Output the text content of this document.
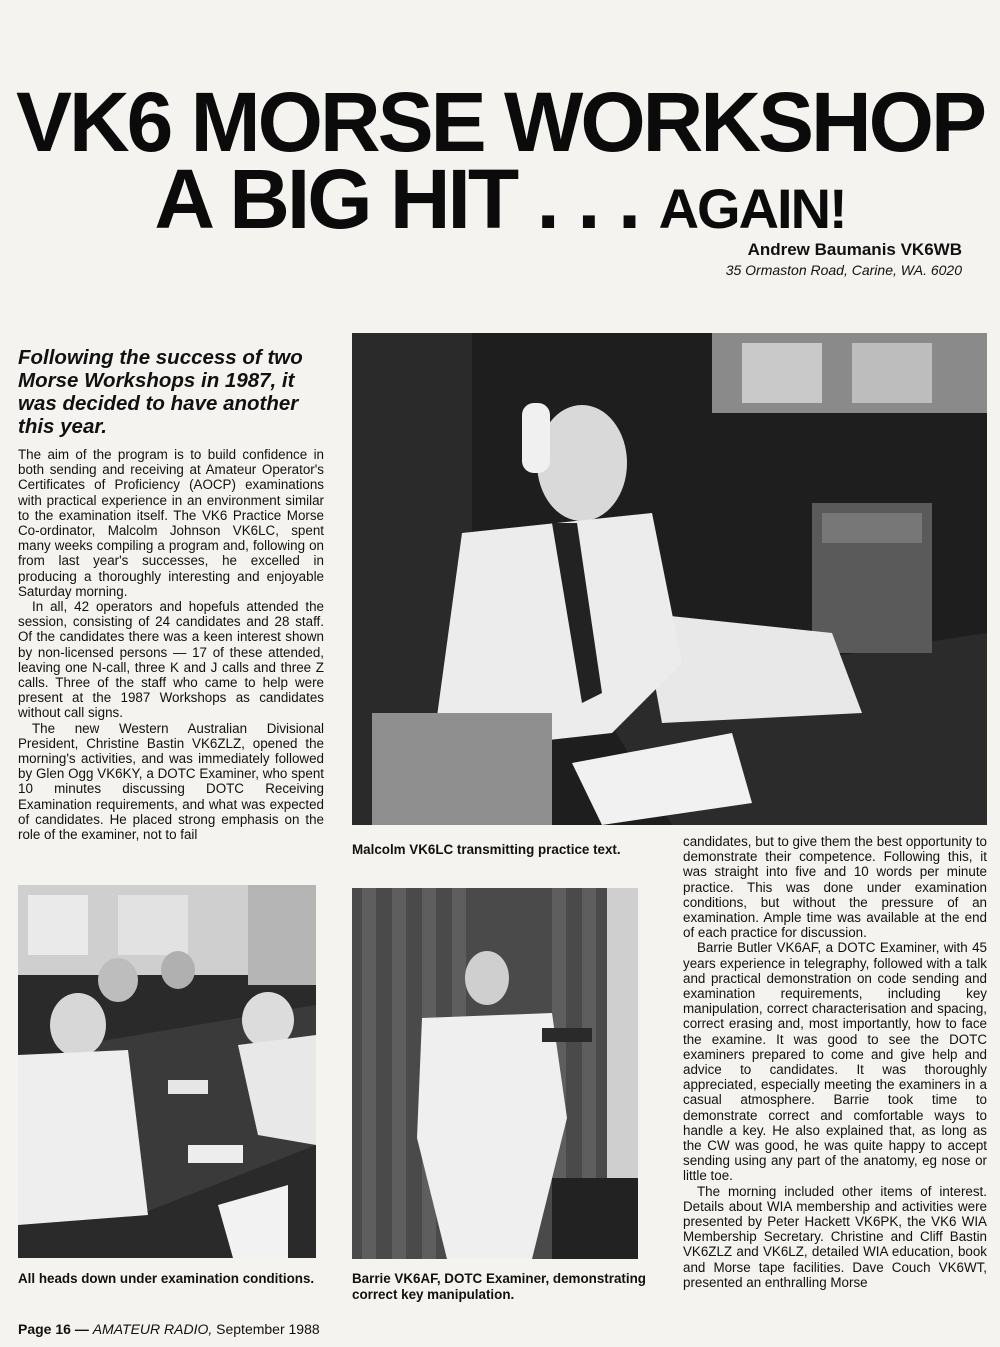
VK6 MORSE WORKSHOP
A BIG HIT . . . AGAIN!
Andrew Baumanis VK6WB
35 Ormaston Road, Carine, WA. 6020
Following the success of two Morse Workshops in 1987, it was decided to have another this year.

The aim of the program is to build confidence in both sending and receiving at Amateur Operator's Certificates of Proficiency (AOCP) examinations with practical experience in an environment similar to the examination itself. The VK6 Practice Morse Co-ordinator, Malcolm Johnson VK6LC, spent many weeks compiling a program and, following on from last year's successes, he excelled in producing a thoroughly interesting and enjoyable Saturday morning.

In all, 42 operators and hopefuls attended the session, consisting of 24 candidates and 28 staff. Of the candidates there was a keen interest shown by non-licensed persons — 17 of these attended, leaving one N-call, three K and J calls and three Z calls. Three of the staff who came to help were present at the 1987 Workshops as candidates without call signs.

The new Western Australian Divisional President, Christine Bastin VK6ZLZ, opened the morning's activities, and was immediately followed by Glen Ogg VK6KY, a DOTC Examiner, who spent 10 minutes discussing DOTC Receiving Examination requirements, and what was expected of candidates. He placed strong emphasis on the role of the examiner, not to fail

Malcolm VK6LC transmitting practice text.
All heads down under examination conditions.	Barrie VK6AF, DOTC Examiner, demonstrating correct key manipulation.

candidates, but to give them the best opportunity to demonstrate their competence. Following this, it was straight into five and 10 words per minute practice. This was done under examination conditions, but without the pressure of an examination. Ample time was available at the end of each practice for discussion.

Barrie Butler VK6AF, a DOTC Examiner, with 45 years experience in telegraphy, followed with a talk and practical demonstration on code sending and examination requirements, including key manipulation, correct characterisation and spacing, correct erasing and, most importantly, how to face the examine. It was good to see the DOTC examiners prepared to come and give help and advice to candidates. It was thoroughly appreciated, especially meeting the examiners in a casual atmosphere. Barrie took time to demonstrate correct and comfortable ways to handle a key. He also explained that, as long as the CW was good, he was quite happy to accept sending using any part of the anatomy, eg nose or little toe.

The morning included other items of interest. Details about WIA membership and activities were presented by Peter Hackett VK6PK, the VK6 WIA Membership Secretary. Christine and Cliff Bastin VK6ZLZ and VK6LZ, detailed WIA education, book and Morse tape facilities. Dave Couch VK6WT, presented an enthralling Morse

Page 16 — AMATEUR RADIO, September 1988
